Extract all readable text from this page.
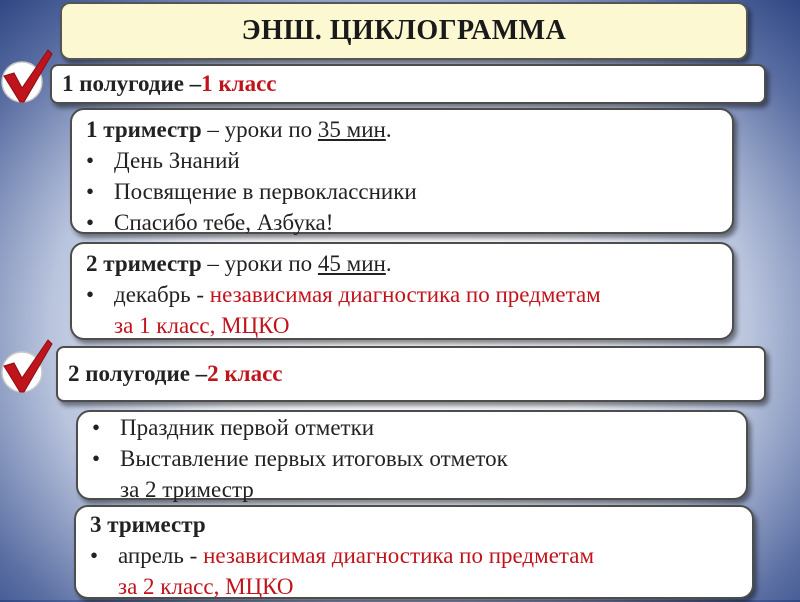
ЭНШ. ЦИКЛОГРАММА
1 полугодие – 1 класс
1 триместр – уроки по 35 мин.
• День Знаний
• Посвящение в первоклассники
• Спасибо тебе, Азбука!
2 триместр – уроки по 45 мин.
• декабрь - независимая диагностика по предметам
за 1 класс, МЦКО
2 полугодие – 2 класс
• Праздник первой отметки
• Выставление первых итоговых отметок
за 2 триместр
3 триместр
• апрель - независимая диагностика по предметам
за 2 класс, МЦКО
